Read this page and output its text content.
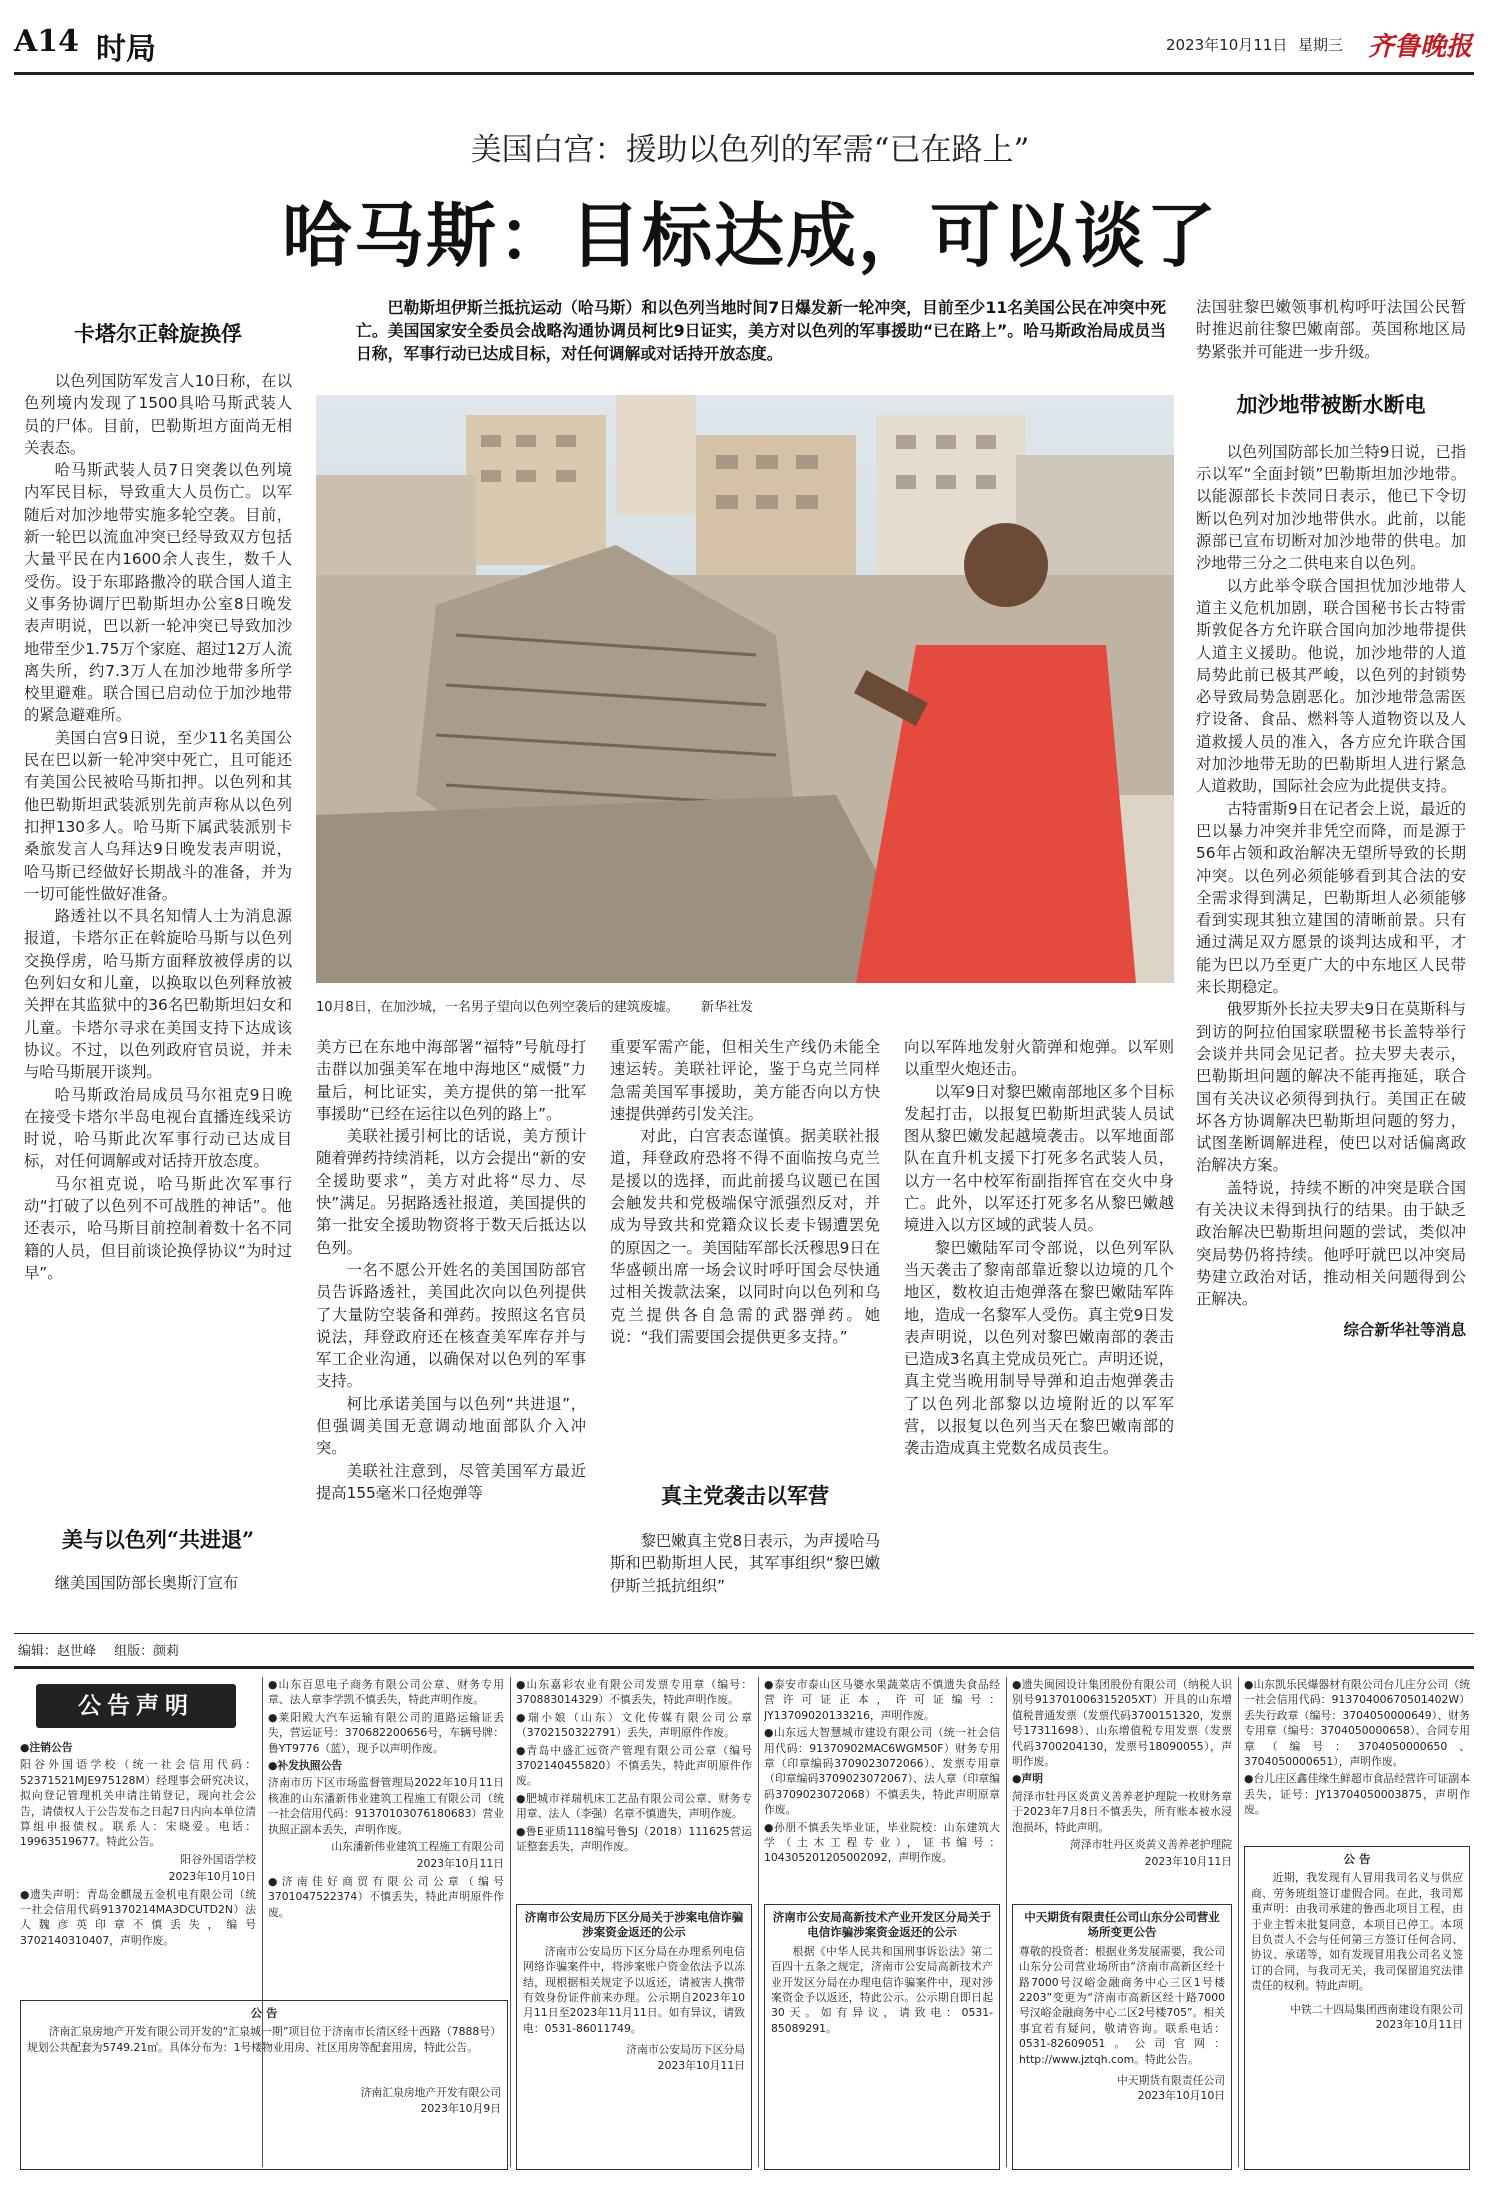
A14 时局	2023年10月11日 星期三 齐鲁晚报
美国白宫：援助以色列的军需“已在路上”
哈马斯：目标达成，可以谈了
巴勒斯坦伊斯兰抵抗运动（哈马斯）和以色列当地时间7日爆发新一轮冲突，目前至少11名美国公民在冲突中死亡。美国国家安全委员会战略沟通协调员柯比9日证实，美方对以色列的军事援助“已在路上”。哈马斯政治局成员当日称，军事行动已达成目标，对任何调解或对话持开放态度。
10月8日，在加沙城，一名男子望向以色列空袭后的建筑废墟。 新华社发
卡塔尔正斡旋换俘

以色列国防军发言人10日称，在以色列境内发现了1500具哈马斯武装人员的尸体。目前，巴勒斯坦方面尚无相关表态。

哈马斯武装人员7日突袭以色列境内军民目标，导致重大人员伤亡。以军随后对加沙地带实施多轮空袭。目前，新一轮巴以流血冲突已经导致双方包括大量平民在内1600余人丧生，数千人受伤。设于东耶路撒冷的联合国人道主义事务协调厅巴勒斯坦办公室8日晚发表声明说，巴以新一轮冲突已导致加沙地带至少1.75万个家庭、超过12万人流离失所，约7.3万人在加沙地带多所学校里避难。联合国已启动位于加沙地带的紧急避难所。

美国白宫9日说，至少11名美国公民在巴以新一轮冲突中死亡，且可能还有美国公民被哈马斯扣押。以色列和其他巴勒斯坦武装派别先前声称从以色列扣押130多人。哈马斯下属武装派别卡桑旅发言人乌拜达9日晚发表声明说，哈马斯已经做好长期战斗的准备，并为一切可能性做好准备。

路透社以不具名知情人士为消息源报道，卡塔尔正在斡旋哈马斯与以色列交换俘虏，哈马斯方面释放被俘虏的以色列妇女和儿童，以换取以色列释放被关押在其监狱中的36名巴勒斯坦妇女和儿童。卡塔尔寻求在美国支持下达成该协议。不过，以色列政府官员说，并未与哈马斯展开谈判。

哈马斯政治局成员马尔祖克9日晚在接受卡塔尔半岛电视台直播连线采访时说，哈马斯此次军事行动已达成目标，对任何调解或对话持开放态度。

马尔祖克说，哈马斯此次军事行动“打破了以色列不可战胜的神话”。他还表示，哈马斯目前控制着数十名不同籍的人员，但目前谈论换俘协议“为时过早”。

美与以色列“共进退”

继美国国防部长奥斯汀宣布

美方已在东地中海部署“福特”号航母打击群以加强美军在地中海地区“威慑”力量后，柯比证实，美方提供的第一批军事援助“已经在运往以色列的路上”。

美联社援引柯比的话说，美方预计随着弹药持续消耗，以方会提出“新的安全援助要求”，美方对此将“尽力、尽快”满足。另据路透社报道，美国提供的第一批安全援助物资将于数天后抵达以色列。

一名不愿公开姓名的美国国防部官员告诉路透社，美国此次向以色列提供了大量防空装备和弹药。按照这名官员说法，拜登政府还在核查美军库存并与军工企业沟通，以确保对以色列的军事支持。

柯比承诺美国与以色列“共进退”，但强调美国无意调动地面部队介入冲突。

美联社注意到，尽管美国军方最近提高155毫米口径炮弹等

重要军需产能，但相关生产线仍未能全速运转。美联社评论，鉴于乌克兰同样急需美国军事援助，美方能否向以方快速提供弹药引发关注。

对此，白宫表态谨慎。据美联社报道，拜登政府恐将不得不面临按乌克兰是援以的选择，而此前援乌议题已在国会触发共和党极端保守派强烈反对，并成为导致共和党籍众议长麦卡锡遭罢免的原因之一。美国陆军部长沃穆思9日在华盛顿出席一场会议时呼吁国会尽快通过相关拨款法案，以同时向以色列和乌克兰提供各自急需的武器弹药。她说：“我们需要国会提供更多支持。”

真主党袭击以军营

黎巴嫩真主党8日表示，为声援哈马斯和巴勒斯坦人民，其军事组织“黎巴嫩伊斯兰抵抗组织”

向以军阵地发射火箭弹和炮弹。以军则以重型火炮还击。

以军9日对黎巴嫩南部地区多个目标发起打击，以报复巴勒斯坦武装人员试图从黎巴嫩发起越境袭击。以军地面部队在直升机支援下打死多名武装人员，以方一名中校军衔副指挥官在交火中身亡。此外，以军还打死多名从黎巴嫩越境进入以方区域的武装人员。

黎巴嫩陆军司令部说，以色列军队当天袭击了黎南部靠近黎以边境的几个地区，数枚迫击炮弹落在黎巴嫩陆军阵地，造成一名黎军人受伤。真主党9日发表声明说，以色列对黎巴嫩南部的袭击已造成3名真主党成员死亡。声明还说，真主党当晚用制导导弹和迫击炮弹袭击了以色列北部黎以边境附近的以军军营，以报复以色列当天在黎巴嫩南部的袭击造成真主党数名成员丧生。

法国驻黎巴嫩领事机构呼吁法国公民暂时推迟前往黎巴嫩南部。英国称地区局势紧张并可能进一步升级。

加沙地带被断水断电

以色列国防部长加兰特9日说，已指示以军“全面封锁”巴勒斯坦加沙地带。以能源部长卡茨同日表示，他已下令切断以色列对加沙地带供水。此前，以能源部已宣布切断对加沙地带的供电。加沙地带三分之二供电来自以色列。

以方此举令联合国担忧加沙地带人道主义危机加剧，联合国秘书长古特雷斯敦促各方允许联合国向加沙地带提供人道主义援助。他说，加沙地带的人道局势此前已极其严峻，以色列的封锁势必导致局势急剧恶化。加沙地带急需医疗设备、食品、燃料等人道物资以及人道救援人员的准入，各方应允许联合国对加沙地带无助的巴勒斯坦人进行紧急人道救助，国际社会应为此提供支持。

古特雷斯9日在记者会上说，最近的巴以暴力冲突并非凭空而降，而是源于56年占领和政治解决无望所导致的长期冲突。以色列必须能够看到其合法的安全需求得到满足，巴勒斯坦人必须能够看到实现其独立建国的清晰前景。只有通过满足双方愿景的谈判达成和平，才能为巴以乃至更广大的中东地区人民带来长期稳定。

俄罗斯外长拉夫罗夫9日在莫斯科与到访的阿拉伯国家联盟秘书长盖特举行会谈并共同会见记者。拉夫罗夫表示，巴勒斯坦问题的解决不能再拖延，联合国有关决议必须得到执行。美国正在破坏各方协调解决巴勒斯坦问题的努力，试图垄断调解进程，使巴以对话偏离政治解决方案。

盖特说，持续不断的冲突是联合国有关决议未得到执行的结果。由于缺乏政治解决巴勒斯坦问题的尝试，类似冲突局势仍将持续。他呼吁就巴以冲突局势建立政治对话，推动相关问题得到公正解决。

综合新华社等消息
编辑：赵世峰 组版：颜莉
公告声明
●注销公告
阳谷外国语学校（统一社会信用代码：52371521MJE975128M）经理事会研究决议，拟向登记管理机关申请注销登记，现向社会公告，请债权人于公告发布之日起7日内向本单位清算组申报债权。联系人：宋晓爱。电话：19963519677。特此公告。
阳谷外国语学校
2023年10月10日
●遗失声明：青岛金麒晟五金机电有限公司（统一社会信用代码91370214MA3DCUTD2N）法人魏彦英印章不慎丢失，编号3702140310407，声明作废。
●山东百思电子商务有限公司公章、财务专用章、法人章李学凯不慎丢失，特此声明作废。
●莱阳殿大汽车运输有限公司的道路运输证丢失，营运证号：370682200656号，车辆号牌：鲁YT9776（蓝），现予以声明作废。
●补发执照公告
济南市历下区市场监督管理局2022年10月11日核准的山东潘新伟业建筑工程施工有限公司（统一社会信用代码：91370103076180683）营业执照正副本丢失，声明作废。
山东潘新伟业建筑工程施工有限公司
2023年10月11日
●济南佳好商贸有限公司公章（编号37010475223​74）不慎丢失，特此声明原件作废。
●山东嘉彩农业有限公司发票专用章（编号：370883014329）不慎丢失，特此声明作废。
●瑞小娘（山东）文化传媒有限公司公章（3702150322791）丢失，声明原件作废。
●青岛中盛汇远资产管理有限公司公章（编号3702140455820）不慎丢失，特此声明原件作废。
●肥城市祥瑞机床工艺品有限公司公章、财务专用章、法人（李强）名章不慎遗失，声明作废。
●鲁E亚质1118编号鲁SJ（2018）111625营运证整套丢失，声明作废。
●泰安市泰山区马婆水果蔬菜店不慎遗失食品经营许可证正本，许可证编号：JY13709020133216，声明作废。
●山东远大智慧城市建设有限公司（统一社会信用代码：91370902MAC6WGM50F）财务专用章（印章编码3709023072066）、发票专用章（印章编码3709023072067）、法人章（印章编码3709023072068）不慎丢失，特此声明原章作废。
●孙朋不慎丢失毕业证，毕业院校：山东建筑大学（土木工程专业），证书编号：104305201205002092，声明作废。
●遗失闽园设计集团股份有限公司（纳税人识别号913701006315205XT）开具的山东增值税普通发票（发票代码3700151320，发票号17311698）、山东增值税专用发票（发票代码3700204130，发票号18090055），声明作废。
●声明
菏泽市牡丹区炎黄义善养老护理院一枚财务章于2023年7月8日不慎丢失，所有账本被水浸泡损坏，特此声明。
菏泽市牡丹区炎黄义善养老护理院
2023年10月11日
●山东凯乐民爆器材有限公司台儿庄分公司（统一社会信用代码：913704006705014​02W）丢失行政章（编号：3704050000649）、财务专用章（编号：3704050000658）、合同专用章（编号：3704050000650、3704050000651），声明作废。
●台儿庄区鑫佳缘生鲜超市食品经营许可证副本丢失，证号：JY13704050003875，声明作废。
公 告
济南汇泉房地产开发有限公司开发的“汇泉城一期”项目位于济南市长清区经十西路（7888号）规划公共配套为5749.21㎡。具体分布为：1号楼物业用房、社区用房等配套用房，特此公告。
济南汇泉房地产开发有限公司
2023年10月9日
济南市公安局历下区分局关于涉案电信诈骗涉案资金返还的公示
济南市公安局历下区分局在办理系列电信网络诈骗案件中，将涉案账户资金依法予以冻结，现根据相关规定予以返还，请被害人携带有效身份证件前来办理。公示期自2023年10月11日至2023年11月11日。如有异议，请致电：0531-86011749。
济南市公安局历下区分局
2023年10月11日
济南市公安局高新技术产业开发区分局关于电信诈骗涉案资金返还的公示
根据《中华人民共和国刑事诉讼法》第二百四十五条之规定，济南市公安局高新技术产业开发区分局在办理电信诈骗案件中，现对涉案资金予以返还，特此公示。公示期自即日起30天。如有异议，请致电：0531-85089291。
中天期货有限责任公司山东分公司营业场所变更公告
尊敬的投资者：根据业务发展需要，我公司山东分公司营业场所由“济南市高新区经十路7000号汉峪金融商务中心三区1号楼2203”变更为“济南市高新区经十路7000号汉峪金融商务中心二区2号楼705”。相关事宜若有疑问，敬请咨询。联系电话：0531-82609051。公司官网：http://www.jztqh.com。特此公告。
中天期货有限责任公司
2023年10月10日
公 告
近期，我发现有人冒用我司名义与供应商、劳务班组签订虚假合同。在此，我司郑重声明：由我司承建的鲁西北项目工程，由于业主暂未批复同意，本项目已停工。本项目负责人不会与任何第三方签订任何合同、协议、承诺等，如有发现冒用我公司名义签订的合同，与我司无关，我司保留追究法律责任的权利。特此声明。
中铁二十四局集团西南建设有限公司
2023年10月11日
